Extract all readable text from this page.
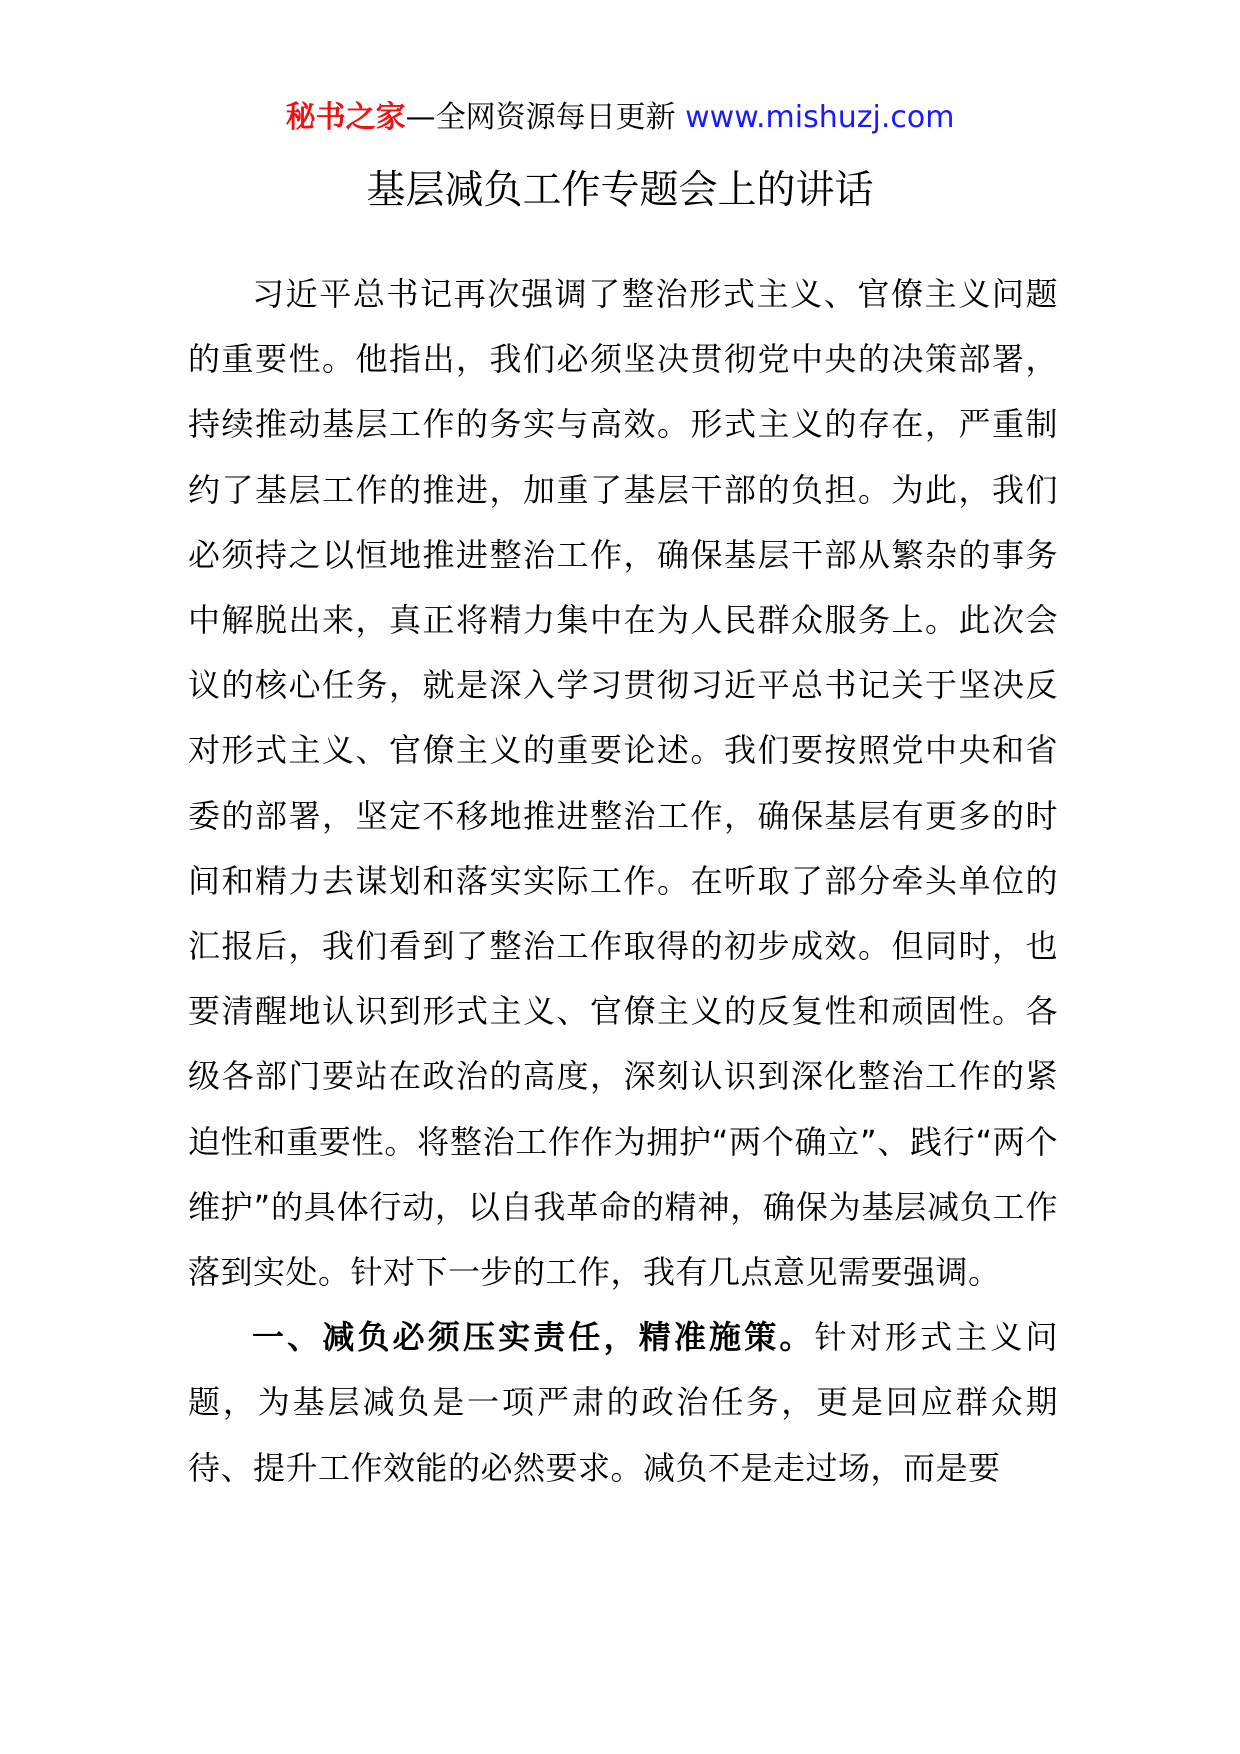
秘书之家—全网资源每日更新 www.mishuzj.com
基层减负工作专题会上的讲话

习近平总书记再次强调了整治形式主义、官僚主义问题的重要性。他指出，我们必须坚决贯彻党中央的决策部署，持续推动基层工作的务实与高效。形式主义的存在，严重制约了基层工作的推进，加重了基层干部的负担。为此，我们必须持之以恒地推进整治工作，确保基层干部从繁杂的事务中解脱出来，真正将精力集中在为人民群众服务上。此次会议的核心任务，就是深入学习贯彻习近平总书记关于坚决反对形式主义、官僚主义的重要论述。我们要按照党中央和省委的部署，坚定不移地推进整治工作，确保基层有更多的时间和精力去谋划和落实实际工作。在听取了部分牵头单位的汇报后，我们看到了整治工作取得的初步成效。但同时，也要清醒地认识到形式主义、官僚主义的反复性和顽固性。各级各部门要站在政治的高度，深刻认识到深化整治工作的紧迫性和重要性。将整治工作作为拥护“两个确立”、践行“两个维护”的具体行动，以自我革命的精神，确保为基层减负工作落到实处。针对下一步的工作，我有几点意见需要强调。

一、减负必须压实责任，精准施策。针对形式主义问题，为基层减负是一项严肃的政治任务，更是回应群众期待、提升工作效能的必然要求。减负不是走过场，而是要
